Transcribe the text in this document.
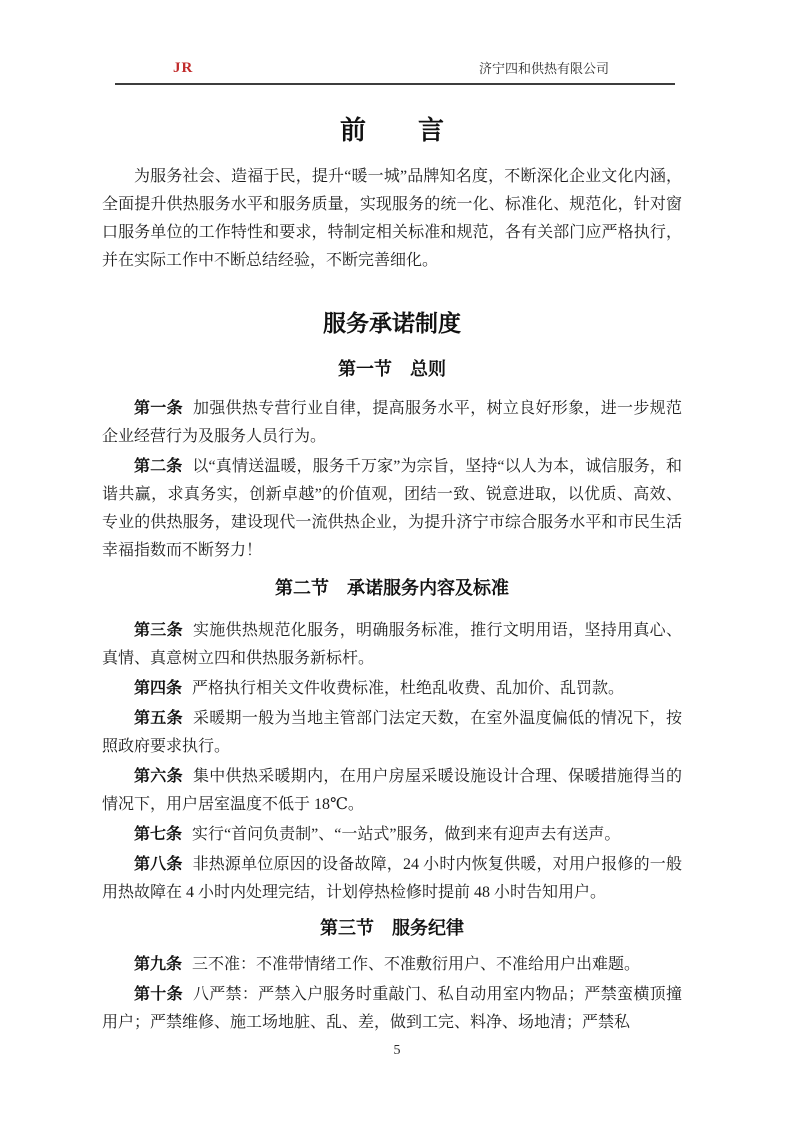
JR	济宁四和供热有限公司
前　　言

为服务社会、造福于民，提升“暖一城”品牌知名度，不断深化企业文化内涵，全面提升供热服务水平和服务质量，实现服务的统一化、标准化、规范化，针对窗口服务单位的工作特性和要求，特制定相关标准和规范，各有关部门应严格执行，并在实际工作中不断总结经验，不断完善细化。

服务承诺制度
第一节　总则

第一条 加强供热专营行业自律，提高服务水平，树立良好形象，进一步规范企业经营行为及服务人员行为。

第二条 以“真情送温暖，服务千万家”为宗旨，坚持“以人为本，诚信服务，和谐共赢，求真务实，创新卓越”的价值观，团结一致、锐意进取，以优质、高效、专业的供热服务，建设现代一流供热企业，为提升济宁市综合服务水平和市民生活幸福指数而不断努力！

第二节　承诺服务内容及标准

第三条 实施供热规范化服务，明确服务标准，推行文明用语，坚持用真心、真情、真意树立四和供热服务新标杆。

第四条 严格执行相关文件收费标准，杜绝乱收费、乱加价、乱罚款。

第五条 采暖期一般为当地主管部门法定天数，在室外温度偏低的情况下，按照政府要求执行。

第六条 集中供热采暖期内，在用户房屋采暖设施设计合理、保暖措施得当的情况下，用户居室温度不低于 18℃。

第七条 实行“首问负责制”、“一站式”服务，做到来有迎声去有送声。

第八条 非热源单位原因的设备故障，24 小时内恢复供暖，对用户报修的一般用热故障在 4 小时内处理完结，计划停热检修时提前 48 小时告知用户。

第三节　服务纪律

第九条 三不准：不准带情绪工作、不准敷衍用户、不准给用户出难题。

第十条 八严禁：严禁入户服务时重敲门、私自动用室内物品；严禁蛮横顶撞用户；严禁维修、施工场地脏、乱、差，做到工完、料净、场地清；严禁私

5
